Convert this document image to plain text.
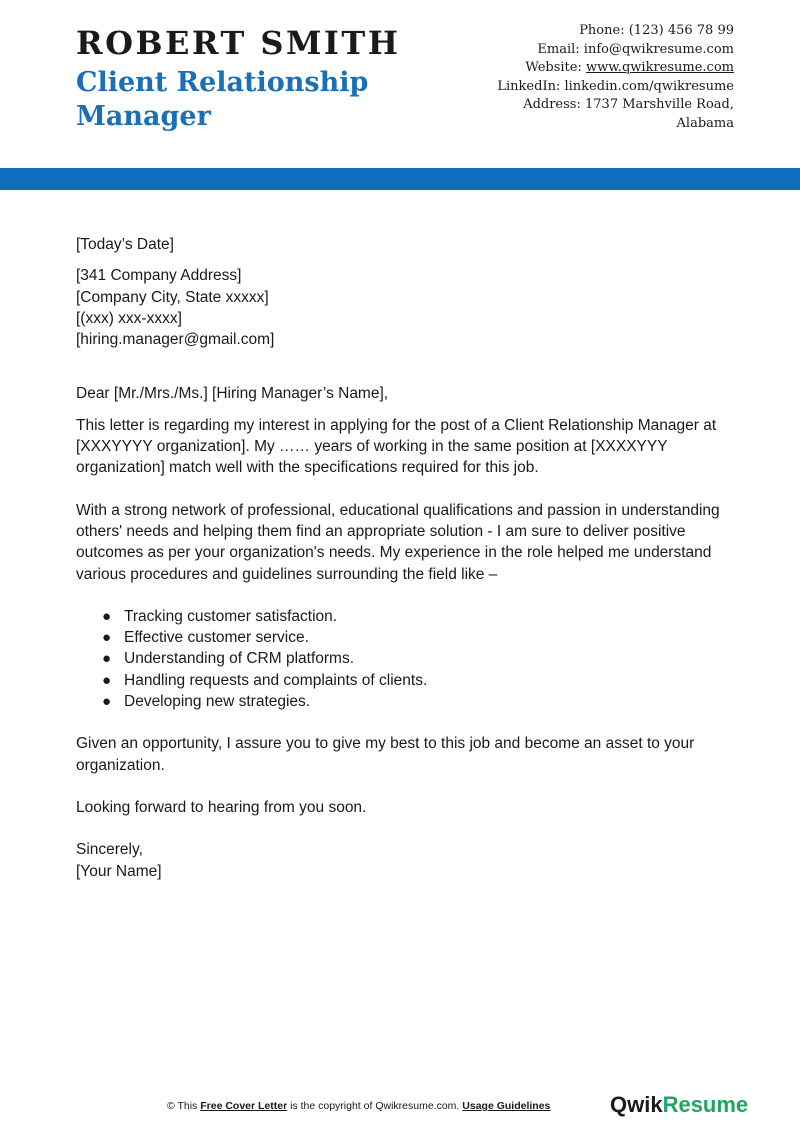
ROBERT SMITH
Client Relationship Manager
Phone: (123) 456 78 99
Email: info@qwikresume.com
Website: www.qwikresume.com
LinkedIn: linkedin.com/qwikresume
Address: 1737 Marshville Road,
Alabama

[Today’s Date]

[341 Company Address]

[Company City, State xxxxx]

[(xxx) xxx-xxxx]

[hiring.manager@gmail.com]

Dear [Mr./Mrs./Ms.] [Hiring Manager’s Name],

This letter is regarding my interest in applying for the post of a Client Relationship Manager at [XXXYYYY organization]. My …… years of working in the same position at [XXXXYYY organization] match well with the specifications required for this job.

With a strong network of professional, educational qualifications and passion in understanding others' needs and helping them find an appropriate solution - I am sure to deliver positive outcomes as per your organization's needs. My experience in the role helped me understand various procedures and guidelines surrounding the field like –

● Tracking customer satisfaction.
● Effective customer service.
● Understanding of CRM platforms.
● Handling requests and complaints of clients.
● Developing new strategies.

Given an opportunity, I assure you to give my best to this job and become an asset to your organization.

Looking forward to hearing from you soon.

Sincerely,

[Your Name]

© This Free Cover Letter is the copyright of Qwikresume.com. Usage Guidelines	QwikResume
